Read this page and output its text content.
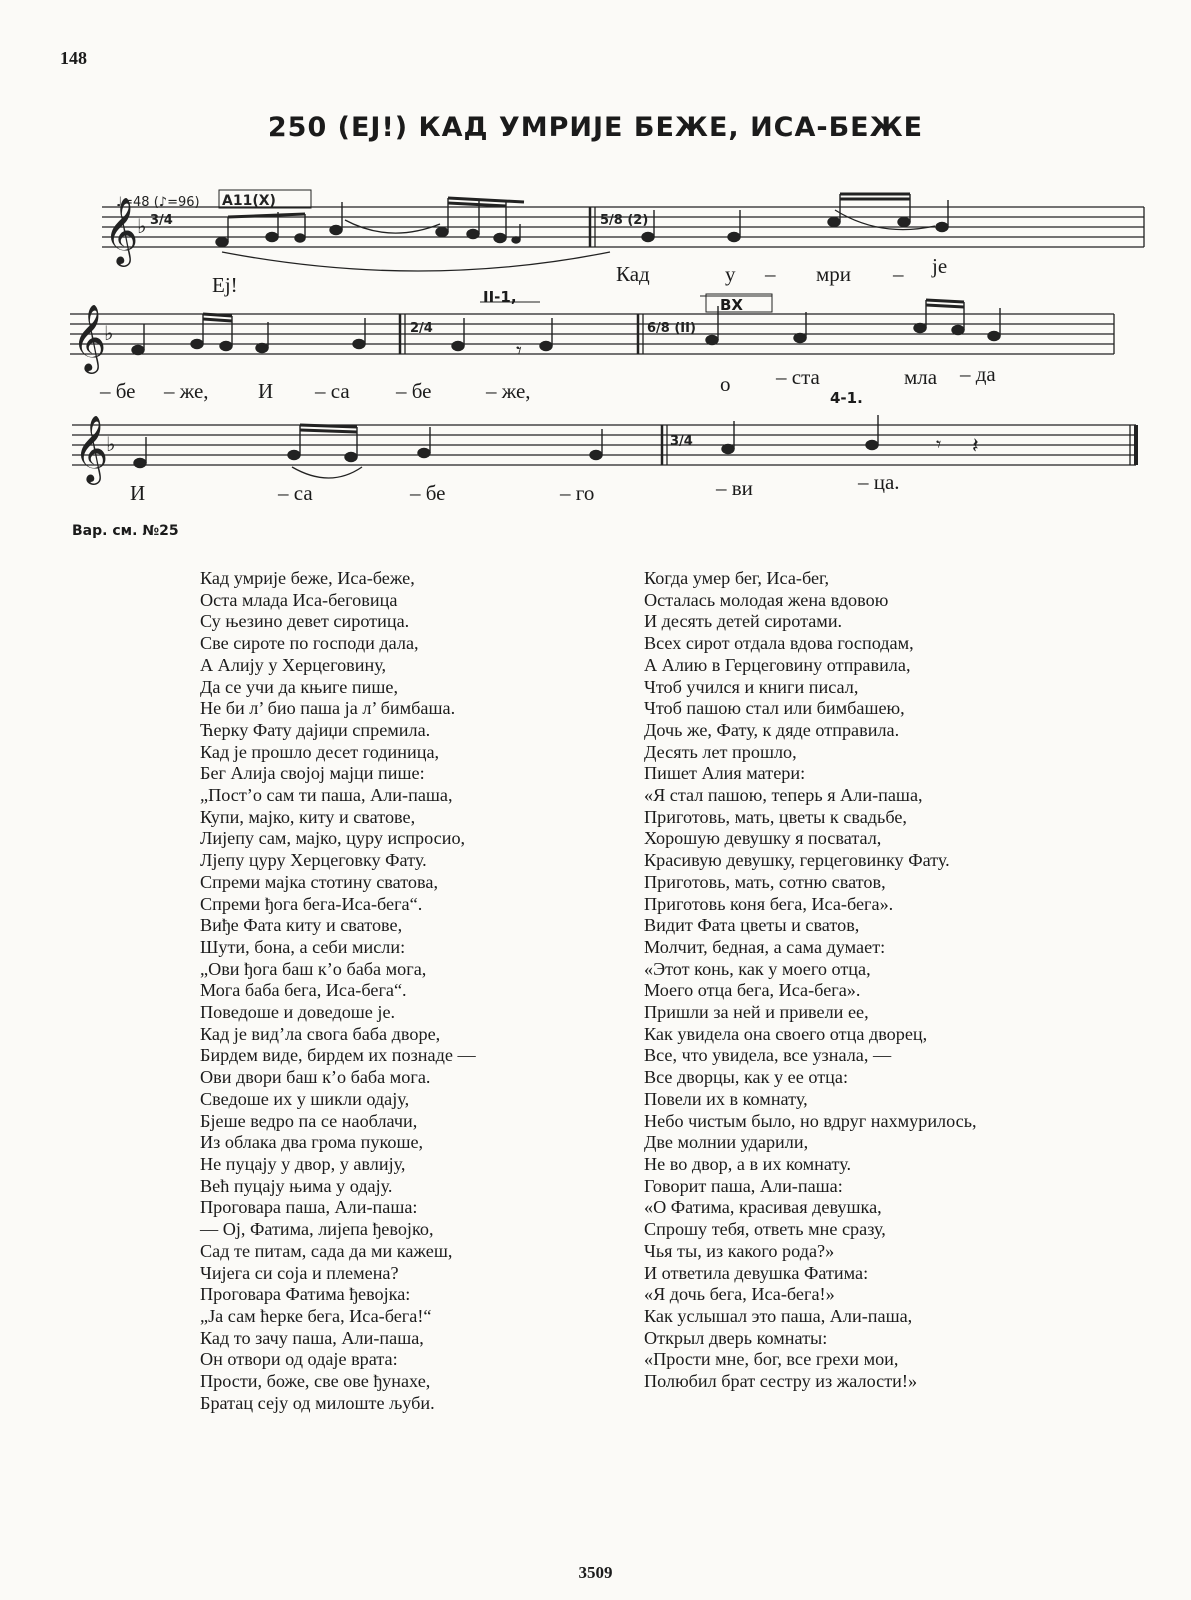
148
250 (EJ!) КАД УМРИЈЕ БЕЖЕ, ИСА-БЕЖЕ
𝄞
♭ 3/4	5/8 (2)
♩=48 (♪=96) A11(X)
Ej!	Кад	у – мри – је
𝄞
♭	2/4	6/8 (II)
𝄾
II-1,	BX
– бе – же, И – са – бе	– же,	о – ста	мла – да
𝄞
♭	3/4	𝄾 𝄽
4-1.
И	– са	– бе	– го	– ви	– ца.
Вар. см. №25
Кад умрије беже, Иса-беже,
Оста млада Иса-беговица
Су њезино девет сиротица.
Све сироте по господи дала,
А Алију у Херцеговину,
Да се учи да књиге пише,
Не би л’ био паша ја л’ бимбаша.
Ћерку Фату дајиџи спремила.
Кад је прошло десет годиница,
Бег Алија својој мајци пише:
„Пост’о сам ти паша, Али-паша,
Купи, мајко, киту и сватове,
Лијепу сам, мајко, цуру испросио,
Лјепу цуру Херцеговку Фату.
Спреми мајка стотину сватова,
Спреми ђога бега-Иса-бега“.
Виђе Фата киту и сватове,
Шути, бона, а себи мисли:
„Ови ђога баш к’о баба мога,
Мога баба бега, Иса-бега“.
Поведоше и доведоше је.
Кад је вид’ла свога баба дворе,
Бирдем виде, бирдем их познаде —
Ови двори баш к’о баба мога.
Сведоше их у шикли одају,
Бјеше ведро па се наоблачи,
Из облака два грома пукоше,
Не пуцају у двор, у авлију,
Већ пуцају њима у одају.
Проговара паша, Али-паша:
— Ој, Фатима, лијепа ђевојко,
Сад те питам, сада да ми кажеш,
Чијега си соја и племена?
Проговара Фатима ђевојка:
„Ја сам ћерке бега, Иса-бега!“
Кад то зачу паша, Али-паша,
Он отвори од одаје врата:
Прости, боже, све ове ђунахе,
Братац сеју од милоште љуби.
Когда умер бег, Иса-бег,
Осталась молодая жена вдовою
И десять детей сиротами.
Всех сирот отдала вдова господам,
А Алию в Герцеговину отправила,
Чтоб учился и книги писал,
Чтоб пашою стал или бимбашею,
Дочь же, Фату, к дяде отправила.
Десять лет прошло,
Пишет Алия матери:
«Я стал пашою, теперь я Али-паша,
Приготовь, мать, цветы к свадьбе,
Хорошую девушку я посватал,
Красивую девушку, герцеговинку Фату.
Приготовь, мать, сотню сватов,
Приготовь коня бега, Иса-бега».
Видит Фата цветы и сватов,
Молчит, бедная, а сама думает:
«Этот конь, как у моего отца,
Моего отца бега, Иса-бега».
Пришли за ней и привели ее,
Как увидела она своего отца дворец,
Все, что увидела, все узнала, —
Все дворцы, как у ее отца:
Повели их в комнату,
Небо чистым было, но вдруг нахмурилось,
Две молнии ударили,
Не во двор, а в их комнату.
Говорит паша, Али-паша:
«О Фатима, красивая девушка,
Спрошу тебя, ответь мне сразу,
Чья ты, из какого рода?»
И ответила девушка Фатима:
«Я дочь бега, Иса-бега!»
Как услышал это паша, Али-паша,
Открыл дверь комнаты:
«Прости мне, бог, все грехи мои,
Полюбил брат сестру из жалости!»
3509
